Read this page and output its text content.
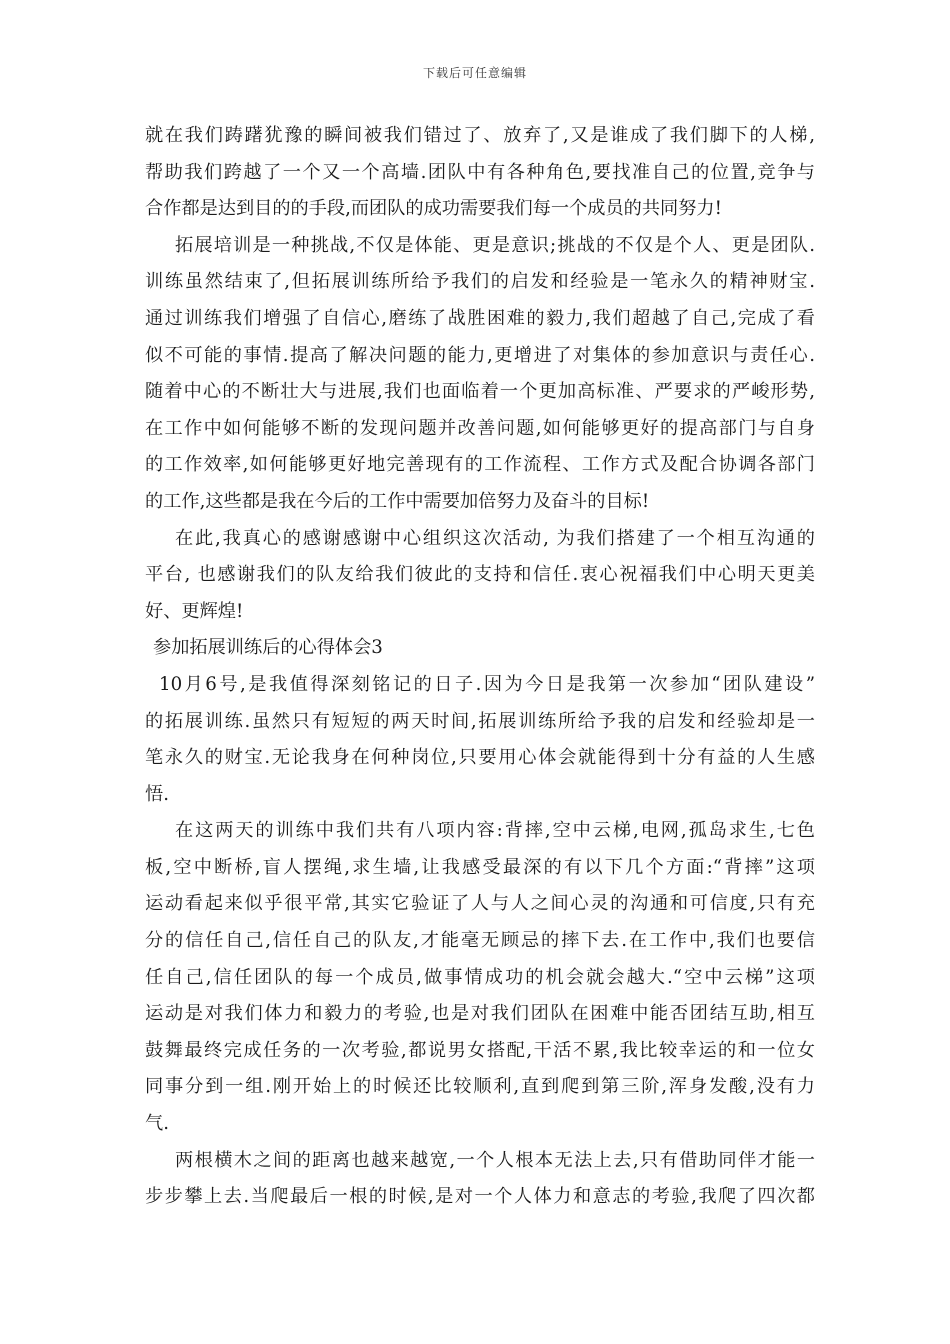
下载后可任意编辑
就在我们踌躇犹豫的瞬间被我们错过了、放弃了,又是谁成了我们脚下的人梯,
帮助我们跨越了一个又一个高墙.团队中有各种角色,要找准自己的位置,竞争与
合作都是达到目的的手段,而团队的成功需要我们每一个成员的共同努力!
拓展培训是一种挑战,不仅是体能、更是意识;挑战的不仅是个人、更是团队.
训练虽然结束了,但拓展训练所给予我们的启发和经验是一笔永久的精神财宝.
通过训练我们增强了自信心,磨练了战胜困难的毅力,我们超越了自己,完成了看
似不可能的事情.提高了解决问题的能力,更增进了对集体的参加意识与责任心.
随着中心的不断壮大与进展,我们也面临着一个更加高标准、严要求的严峻形势,
在工作中如何能够不断的发现问题并改善问题,如何能够更好的提高部门与自身
的工作效率,如何能够更好地完善现有的工作流程、工作方式及配合协调各部门
的工作,这些都是我在今后的工作中需要加倍努力及奋斗的目标!
在此,我真心的感谢感谢中心组织这次活动, 为我们搭建了一个相互沟通的
平台, 也感谢我们的队友给我们彼此的支持和信任.衷心祝福我们中心明天更美
好、更辉煌!
参加拓展训练后的心得体会3
10月6号,是我值得深刻铭记的日子.因为今日是我第一次参加“团队建设”
的拓展训练.虽然只有短短的两天时间,拓展训练所给予我的启发和经验却是一
笔永久的财宝.无论我身在何种岗位,只要用心体会就能得到十分有益的人生感
悟.
在这两天的训练中我们共有八项内容:背摔,空中云梯,电网,孤岛求生,七色
板,空中断桥,盲人摆绳,求生墙,让我感受最深的有以下几个方面:“背摔”这项
运动看起来似乎很平常,其实它验证了人与人之间心灵的沟通和可信度,只有充
分的信任自己,信任自己的队友,才能毫无顾忌的摔下去.在工作中,我们也要信
任自己,信任团队的每一个成员,做事情成功的机会就会越大.“空中云梯”这项
运动是对我们体力和毅力的考验,也是对我们团队在困难中能否团结互助,相互
鼓舞最终完成任务的一次考验,都说男女搭配,干活不累,我比较幸运的和一位女
同事分到一组.刚开始上的时候还比较顺利,直到爬到第三阶,浑身发酸,没有力
气.
两根横木之间的距离也越来越宽,一个人根本无法上去,只有借助同伴才能一
步步攀上去.当爬最后一根的时候,是对一个人体力和意志的考验,我爬了四次都
